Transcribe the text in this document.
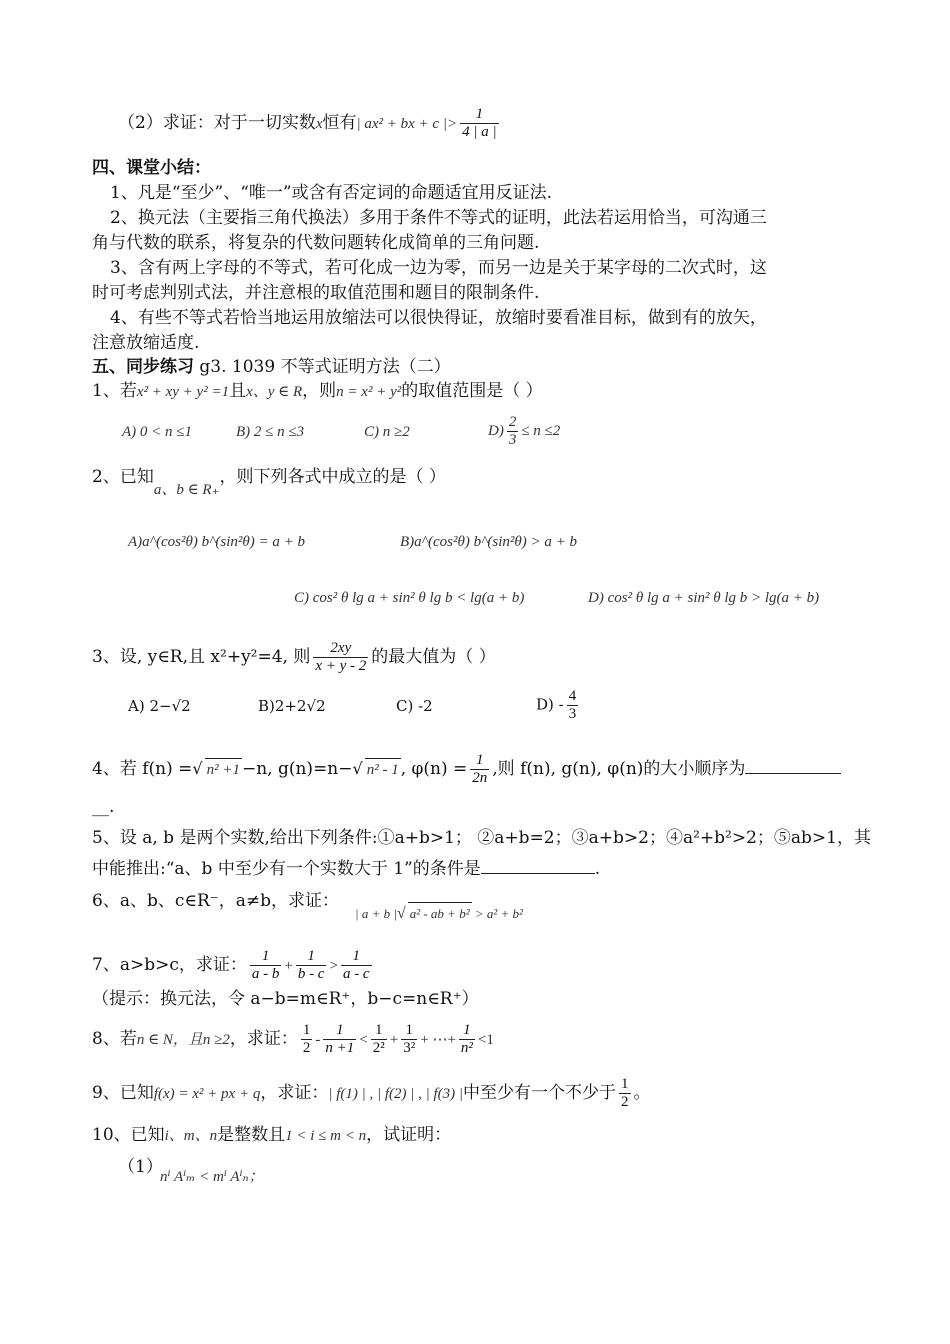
（2）求证：对于一切实数x恒有| ax² + bx + c |> $\frac{1}{4 | a |}$
四、课堂小结：
1、凡是“至少”、“唯一”或含有否定词的命题适宜用反证法.
2、换元法（主要指三角代换法）多用于条件不等式的证明，此法若运用恰当，可沟通三
角与代数的联系，将复杂的代数问题转化成简单的三角问题.
3、含有两上字母的不等式，若可化成一边为零，而另一边是关于某字母的二次式时，这
时可考虑判别式法，并注意根的取值范围和题目的限制条件.
4、有些不等式若恰当地运用放缩法可以很快得证，放缩时要看准目标，做到有的放矢，
注意放缩适度.
五、同步练习 g3. 1039 不等式证明方法（二）
1、若x² + xy + y² =1且x、y ∈ R，则n = x² + y²的取值范围是（ ）
A) 0 < n ≤1	B) 2 ≤ n ≤3	C) n ≥2	$D) \frac{2}{3} \le n \le 2$
2、已知a、b ∈ R₊，则下列各式中成立的是（ ）
A)a^(cos²θ) b^(sin²θ) = a + b	B)a^(cos²θ) b^(sin²θ) > a + b
C) cos² θ lg a + sin² θ lg b < lg(a + b)	D) cos² θ lg a + sin² θ lg b > lg(a + b)
3、设, y∈R,且 x²+y²=4, 则 $\frac{2xy}{x + y - 2}$ 的最大值为（ ）
A) 2−√2	B)2+2√2	C) -2	$D) - \frac{4}{3}$
4、若 f(n) =√ n² +1 −n, g(n)=n−√ n² - 1 , $\varphi(n) = \frac{1}{2n}$ ,则 f(n), g(n), φ(n)的大小顺序为
__.
5、设 a, b 是两个实数,给出下列条件:①a+b>1； ②a+b=2；③a+b>2；④a²+b²>2；⑤ab>1，其
中能推出:“a、b 中至少有一个实数大于 1”的条件是	.
6、a、b、c∈R⁻，a≠b，求证：
| a + b |√ a² - ab + b² > a² + b²
7、a>b>c，求证： $\frac{1}{a - b} + \frac{1}{b - c} > \frac{1}{a - c}$
（提示：换元法，令 a−b=m∈R⁺，b−c=n∈R⁺）
8、若n ∈ N，且n ≥2，求证： $\frac{1}{2} - \frac{1}{n +1} < \frac{1}{\text{2²}} + \frac{1}{\text{3²}}$ + ⋯+ $\frac{1}{\text{n²}} <1$
9、已知f(x) = x² + px + q，求证：| f(1) | , | f(2) | , | f(3) |中至少有一个不少于 $\frac{1}{2}$ 。
10、已知i、m、n是整数且1 < i ≤ m < n，试证明：
（1）
nⁱ Aⁱₘ < mⁱ Aⁱₙ；
